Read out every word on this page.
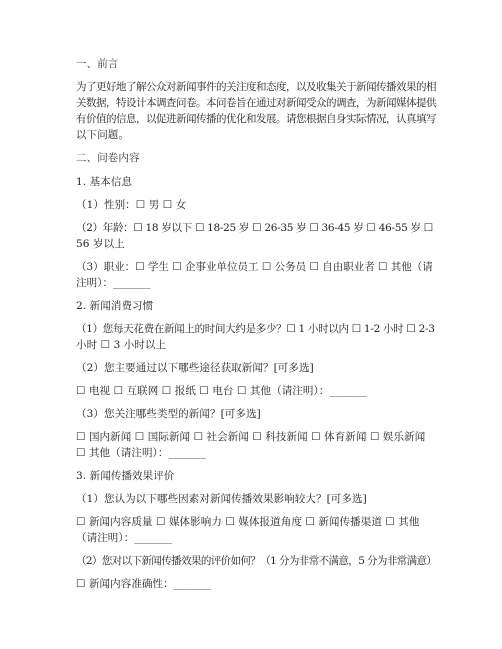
一、前言
为了更好地了解公众对新闻事件的关注度和态度，以及收集关于新闻传播效果的相
关数据，特设计本调查问卷。本问卷旨在通过对新闻受众的调查，为新闻媒体提供
有价值的信息，以促进新闻传播的优化和发展。请您根据自身实际情况，认真填写
以下问题。
二、问卷内容
1. 基本信息
（1）性别：☐ 男 ☐ 女
（2）年龄：☐ 18 岁以下 ☐ 18-25 岁 ☐ 26-35 岁 ☐ 36-45 岁 ☐ 46-55 岁 ☐
56 岁以上
（3）职业：☐ 学生 ☐ 企事业单位员工 ☐ 公务员 ☐ 自由职业者 ☐ 其他（请
注明）：_______
2. 新闻消费习惯
（1）您每天花费在新闻上的时间大约是多少？☐ 1 小时以内 ☐ 1-2 小时 ☐ 2-3
小时 ☐ 3 小时以上
（2）您主要通过以下哪些途径获取新闻？[可多选]
☐ 电视 ☐ 互联网 ☐ 报纸 ☐ 电台 ☐ 其他（请注明）：_______
（3）您关注哪些类型的新闻？[可多选]
☐ 国内新闻 ☐ 国际新闻 ☐ 社会新闻 ☐ 科技新闻 ☐ 体育新闻 ☐ 娱乐新闻
☐ 其他（请注明）：_______
3. 新闻传播效果评价
（1）您认为以下哪些因素对新闻传播效果影响较大？[可多选]
☐ 新闻内容质量 ☐ 媒体影响力 ☐ 媒体报道角度 ☐ 新闻传播渠道 ☐ 其他
（请注明）：_______
（2）您对以下新闻传播效果的评价如何？（1 分为非常不满意，5 分为非常满意）
☐ 新闻内容准确性：_______
